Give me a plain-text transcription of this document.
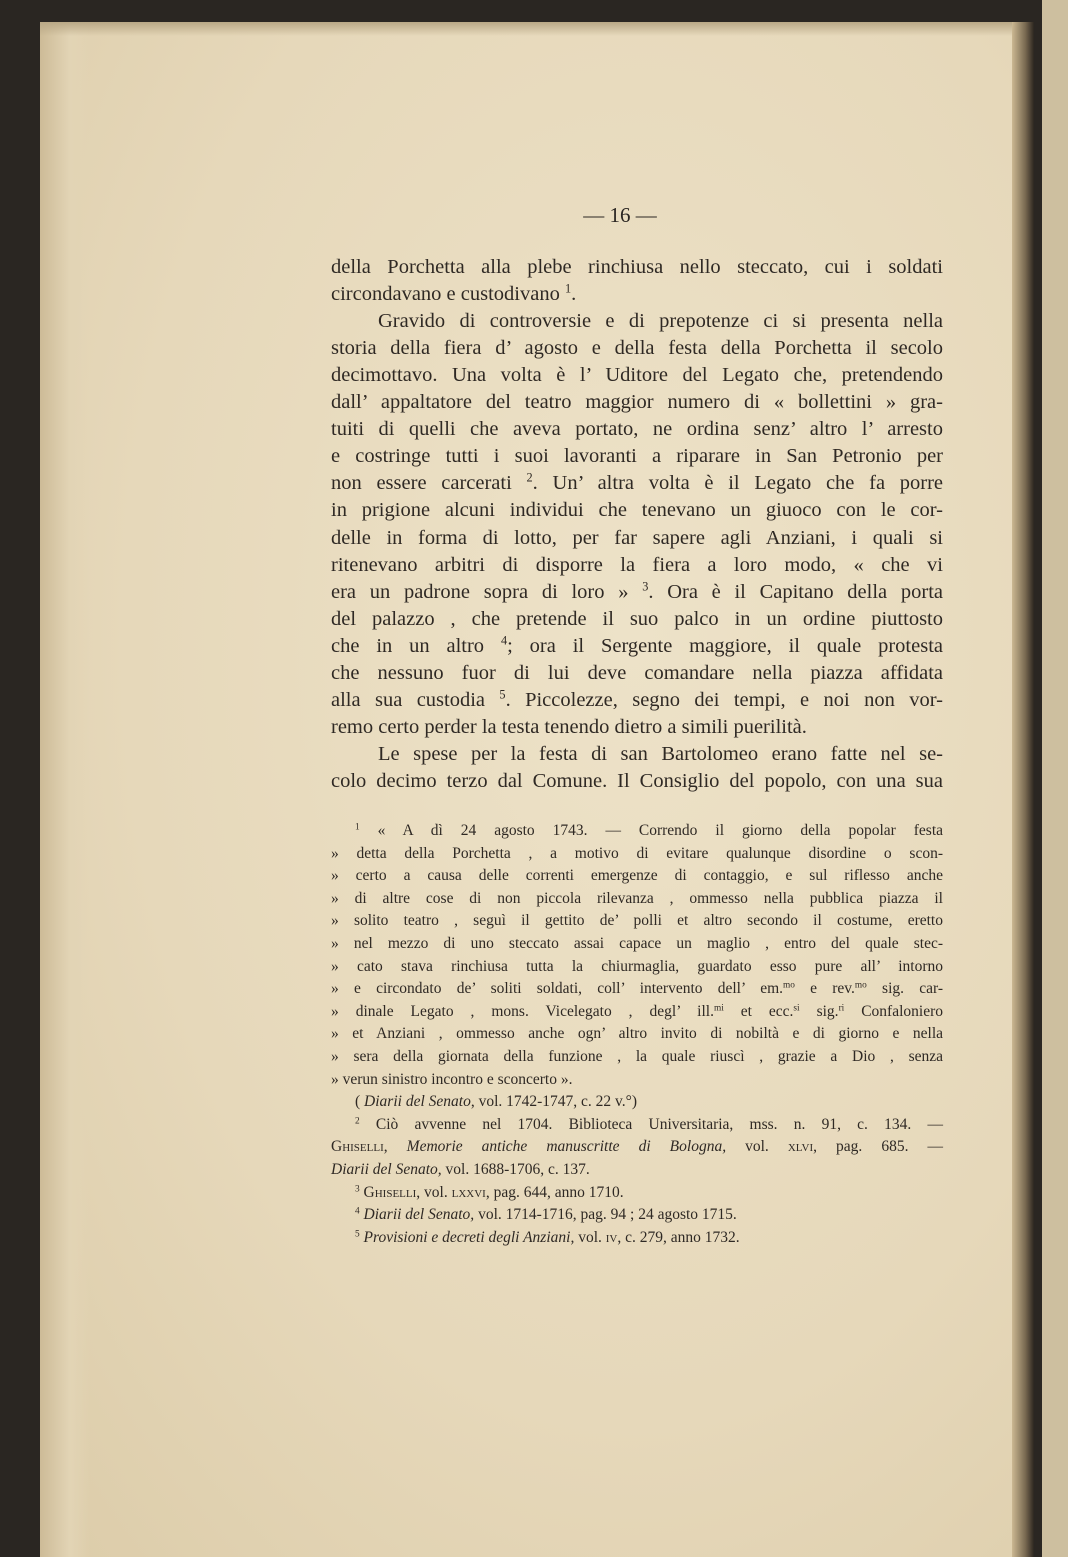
— 16 —
della Porchetta alla plebe rinchiusa nello steccato, cui i soldati
circondavano e custodivano $^1$.
Gravido di controversie e di prepotenze ci si presenta nella
storia della fiera d’ agosto e della festa della Porchetta il secolo
decimottavo. Una volta è l’ Uditore del Legato che, pretendendo
dall’ appaltatore del teatro maggior numero di « bollettini » gra-
tuiti di quelli che aveva portato, ne ordina senz’ altro l’ arresto
e costringe tutti i suoi lavoranti a riparare in San Petronio per
non essere carcerati $^2$. Un’ altra volta è il Legato che fa porre
in prigione alcuni individui che tenevano un giuoco con le cor-
delle in forma di lotto, per far sapere agli Anziani, i quali si
ritenevano arbitri di disporre la fiera a loro modo, « che vi
era un padrone sopra di loro » $^3$. Ora è il Capitano della porta
del palazzo , che pretende il suo palco in un ordine piuttosto
che in un altro $^4$; ora il Sergente maggiore, il quale protesta
che nessuno fuor di lui deve comandare nella piazza affidata
alla sua custodia $^5$. Piccolezze, segno dei tempi, e noi non vor-
remo certo perder la testa tenendo dietro a simili puerilità.
Le spese per la festa di san Bartolomeo erano fatte nel se-
colo decimo terzo dal Comune. Il Consiglio del popolo, con una sua
$^1$ « A dì 24 agosto 1743. — Correndo il giorno della popolar festa
» detta della Porchetta , a motivo di evitare qualunque disordine o scon-
» certo a causa delle correnti emergenze di contaggio, e sul riflesso anche
» di altre cose di non piccola rilevanza , ommesso nella pubblica piazza il
» solito teatro , seguì il gettito de’ polli et altro secondo il costume, eretto
» nel mezzo di uno steccato assai capace un maglio , entro del quale stec-
» cato stava rinchiusa tutta la chiurmaglia, guardato esso pure all’ intorno
» e circondato de’ soliti soldati, coll’ intervento dell’ em.$^{mo}$ e rev.$^{mo}$ sig. car-
» dinale Legato , mons. Vicelegato , degl’ ill.$^{mi}$ et ecc.$^{si}$ sig.$^{ri}$ Confaloniero
» et Anziani , ommesso anche ogn’ altro invito di nobiltà e di giorno e nella
» sera della giornata della funzione , la quale riuscì , grazie a Dio , senza
» verun sinistro incontro e sconcerto ».
( Diarii del Senato, vol. 1742-1747, c. 22 v.°)
$^2$ Ciò avvenne nel 1704. Biblioteca Universitaria, mss. n. 91, c. 134. —
Ghiselli, Memorie antiche manuscritte di Bologna, vol. xlvi, pag. 685. —
Diarii del Senato, vol. 1688-1706, c. 137.
$^3$ Ghiselli, vol. lxxvi, pag. 644, anno 1710.
$^4$ Diarii del Senato, vol. 1714-1716, pag. 94 ; 24 agosto 1715.
$^5$ Provisioni e decreti degli Anziani, vol. iv, c. 279, anno 1732.
